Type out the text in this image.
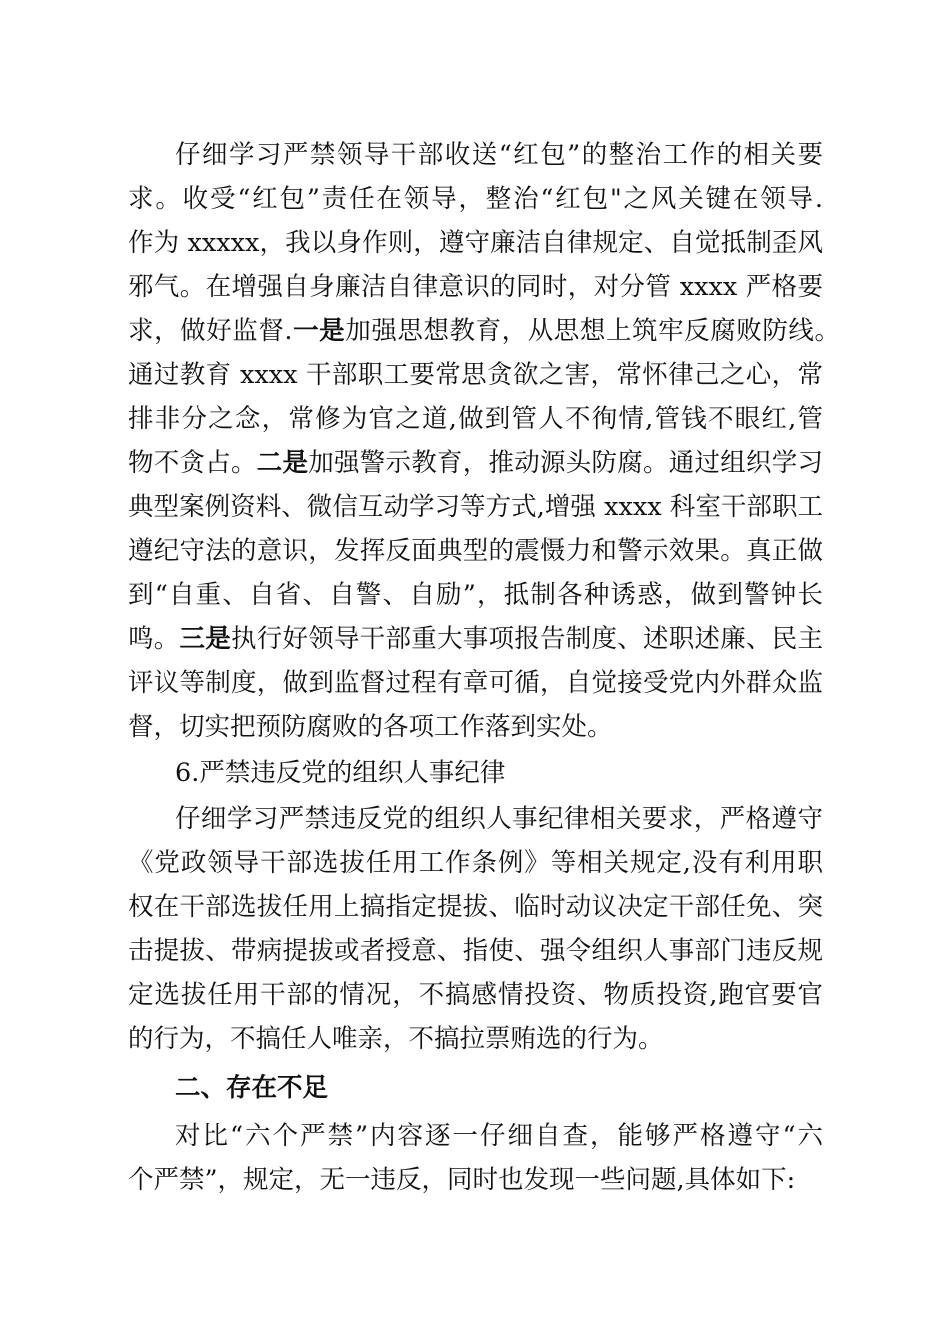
仔细学习严禁领导干部收送“红包”的整治工作的相关要
求。收受“红包”责任在领导，整治“红包"之风关键在领导.
作为 xxxxx，我以身作则，遵守廉洁自律规定、自觉抵制歪风
邪气。在增强自身廉洁自律意识的同时，对分管 xxxx 严格要
求，做好监督.一是加强思想教育，从思想上筑牢反腐败防线。
通过教育 xxxx 干部职工要常思贪欲之害，常怀律己之心，常
排非分之念，常修为官之道,做到管人不徇情,管钱不眼红,管
物不贪占。二是加强警示教育，推动源头防腐。通过组织学习
典型案例资料、微信互动学习等方式,增强 xxxx 科室干部职工
遵纪守法的意识，发挥反面典型的震慑力和警示效果。真正做
到“自重、自省、自警、自励”，抵制各种诱惑，做到警钟长
鸣。三是执行好领导干部重大事项报告制度、述职述廉、民主
评议等制度，做到监督过程有章可循，自觉接受党内外群众监
督，切实把预防腐败的各项工作落到实处。
6.严禁违反党的组织人事纪律
仔细学习严禁违反党的组织人事纪律相关要求，严格遵守
《党政领导干部选拔任用工作条例》等相关规定,没有利用职
权在干部选拔任用上搞指定提拔、临时动议决定干部任免、突
击提拔、带病提拔或者授意、指使、强令组织人事部门违反规
定选拔任用干部的情况，不搞感情投资、物质投资,跑官要官
的行为，不搞任人唯亲，不搞拉票贿选的行为。
二、存在不足
对比“六个严禁”内容逐一仔细自查，能够严格遵守“六
个严禁”，规定，无一违反，同时也发现一些问题,具体如下:
